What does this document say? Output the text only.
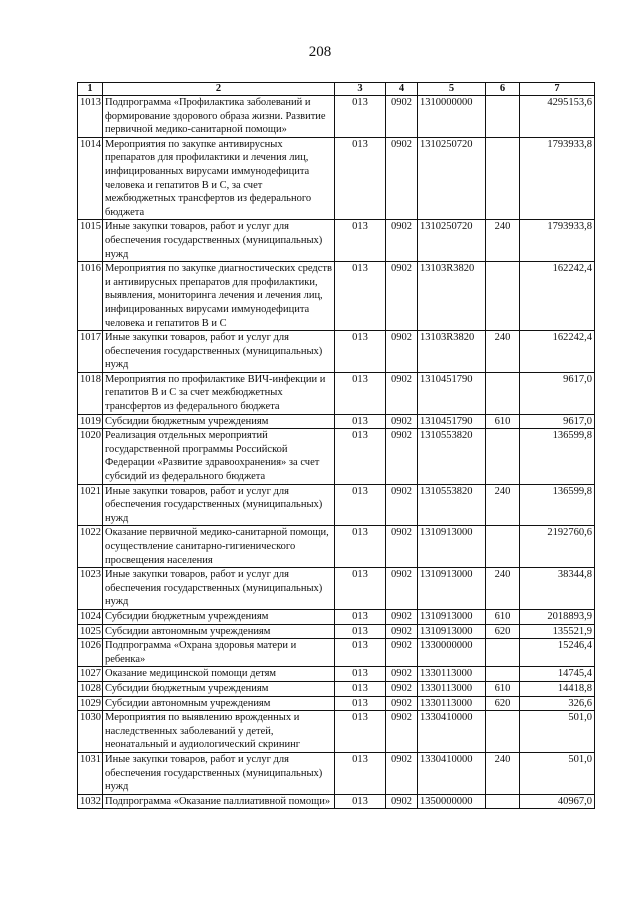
208
1	2	3	4	5	6	7
1013	Подпрограмма «Профилактика заболеваний и формирование здорового образа жизни. Развитие первичной медико-санитарной помощи»	013	0902	1310000000		4295153,6
1014	Мероприятия по закупке антивирусных препаратов для профилактики и лечения лиц, инфицированных вирусами иммунодефицита человека и гепатитов В и С, за счет межбюджетных трансфертов из федерального бюджета	013	0902	1310250720		1793933,8
1015	Иные закупки товаров, работ и услуг для обеспечения государственных (муниципальных) нужд	013	0902	1310250720	240	1793933,8
1016	Мероприятия по закупке диагностических средств и антивирусных препаратов для профилактики, выявления, мониторинга лечения и лечения лиц, инфицированных вирусами иммунодефицита человека и гепатитов В и С	013	0902	13103R3820		162242,4
1017	Иные закупки товаров, работ и услуг для обеспечения государственных (муниципальных) нужд	013	0902	13103R3820	240	162242,4
1018	Мероприятия по профилактике ВИЧ-инфекции и гепатитов В и С за счет межбюджетных трансфертов из федерального бюджета	013	0902	1310451790		9617,0
1019	Субсидии бюджетным учреждениям	013	0902	1310451790	610	9617,0
1020	Реализация отдельных мероприятий государственной программы Российской Федерации «Развитие здравоохранения» за счет субсидий из федерального бюджета	013	0902	1310553820		136599,8
1021	Иные закупки товаров, работ и услуг для обеспечения государственных (муниципальных) нужд	013	0902	1310553820	240	136599,8
1022	Оказание первичной медико-санитарной помощи, осуществление санитарно-гигиенического просвещения населения	013	0902	1310913000		2192760,6
1023	Иные закупки товаров, работ и услуг для обеспечения государственных (муниципальных) нужд	013	0902	1310913000	240	38344,8
1024	Субсидии бюджетным учреждениям	013	0902	1310913000	610	2018893,9
1025	Субсидии автономным учреждениям	013	0902	1310913000	620	135521,9
1026	Подпрограмма «Охрана здоровья матери и ребенка»	013	0902	1330000000		15246,4
1027	Оказание медицинской помощи детям	013	0902	1330113000		14745,4
1028	Субсидии бюджетным учреждениям	013	0902	1330113000	610	14418,8
1029	Субсидии автономным учреждениям	013	0902	1330113000	620	326,6
1030	Мероприятия по выявлению врожденных и наследственных заболеваний у детей, неонатальный и аудиологический скрининг	013	0902	1330410000		501,0
1031	Иные закупки товаров, работ и услуг для обеспечения государственных (муниципальных) нужд	013	0902	1330410000	240	501,0
1032	Подпрограмма «Оказание паллиативной помощи»	013	0902	1350000000		40967,0
